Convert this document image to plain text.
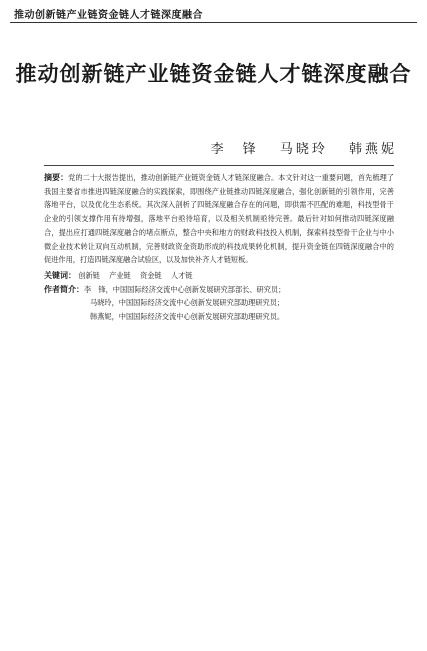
推动创新链产业链资金链人才链深度融合
推动创新链产业链资金链人才链深度融合
李　锋 马晓玲 韩燕妮
摘要：党的二十大报告提出，推动创新链产业链资金链人才链深度融合。本文针对这一重要问题，首先梳理了我国主要省市推进四链深度融合的实践探索，即围绕产业链推动四链深度融合，强化创新链的引领作用，完善落地平台，以及优化生态系统。其次深入剖析了四链深度融合存在的问题，即供需不匹配的难题，科技型骨干企业的引领支撑作用有待增强，落地平台亟待培育，以及相关机制亟待完善。最后针对如何推动四链深度融合，提出应打通四链深度融合的堵点断点，整合中央和地方的财政科技投入机制，探索科技型骨干企业与中小微企业技术转让双向互动机制，完善财政资金资助形成的科技成果转化机制，提升资金链在四链深度融合中的促进作用，打造四链深度融合试验区，以及加快补齐人才链短板。
关键词： 创新链 产业链 资金链 人才链
作者简介：李　锋，中国国际经济交流中心创新发展研究部部长、研究员；
马晓玲，中国国际经济交流中心创新发展研究部助理研究员；
韩燕妮，中国国际经济交流中心创新发展研究部助理研究员。
